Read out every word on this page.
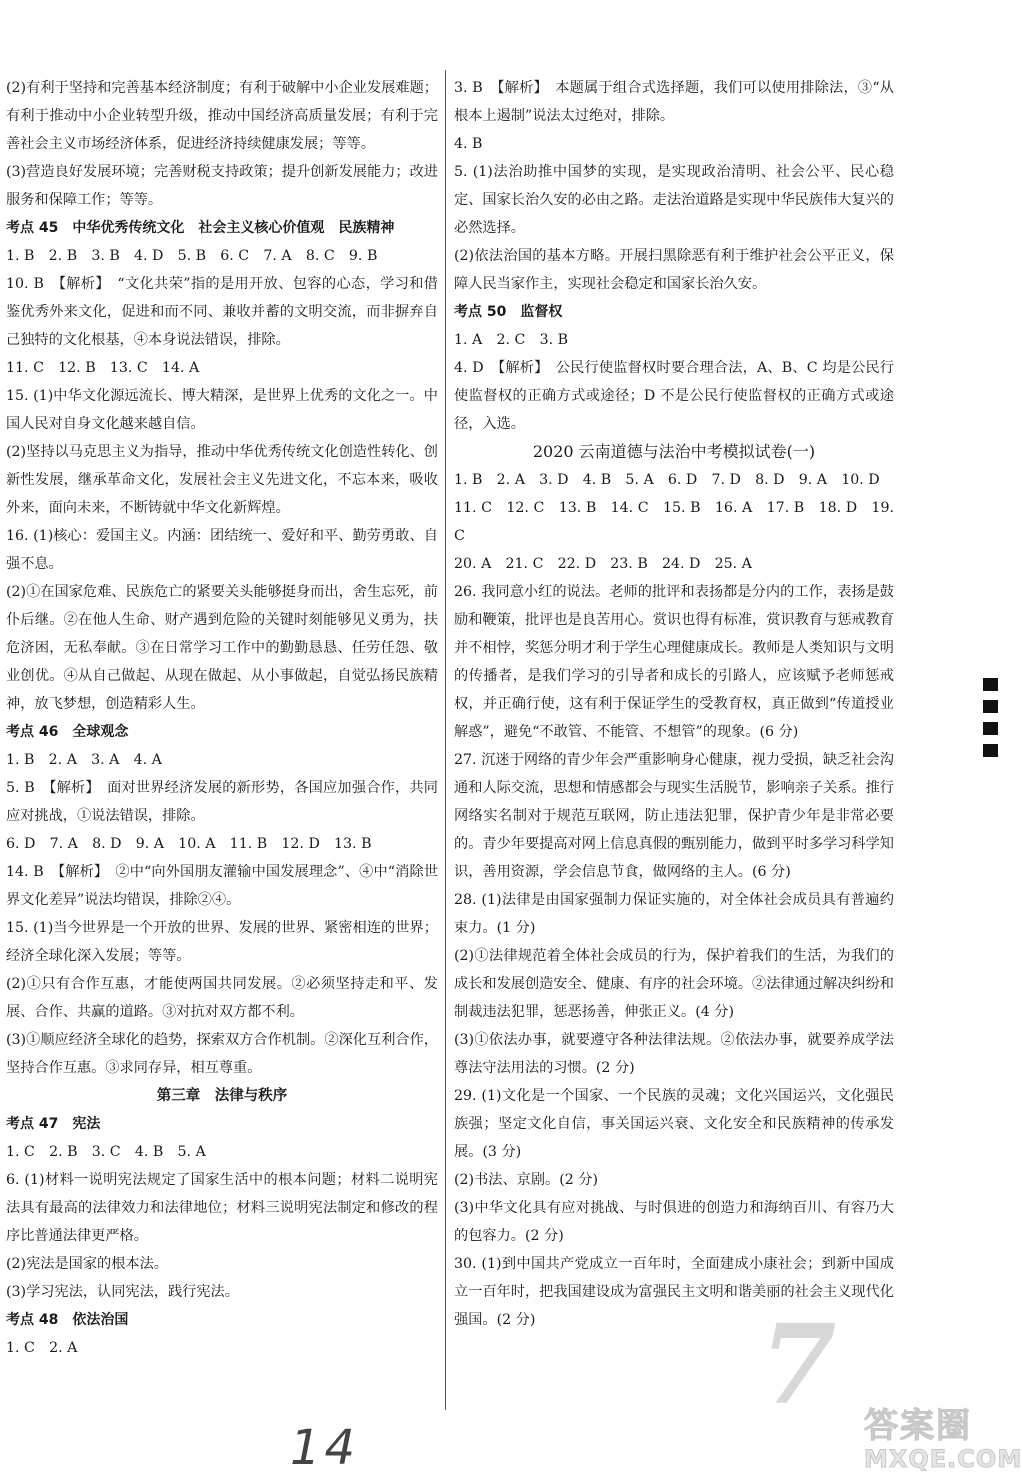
(2)有利于坚持和完善基本经济制度；有利于破解中小企业发展难题；有利于推动中小企业转型升级，推动中国经济高质量发展；有利于完善社会主义市场经济体系，促进经济持续健康发展；等等。

(3)营造良好发展环境；完善财税支持政策；提升创新发展能力；改进服务和保障工作；等等。

考点 45　中华优秀传统文化　社会主义核心价值观　民族精神

1. B　2. B　3. B　4. D　5. B　6. C　7. A　8. C　9. B

10. B　【解析】　“文化共荣”指的是用开放、包容的心态，学习和借鉴优秀外来文化，促进和而不同、兼收并蓄的文明交流，而非摒弃自己独特的文化根基，④本身说法错误，排除。

11. C　12. B　13. C　14. A

15. (1)中华文化源远流长、博大精深，是世界上优秀的文化之一。中国人民对自身文化越来越自信。

(2)坚持以马克思主义为指导，推动中华优秀传统文化创造性转化、创新性发展，继承革命文化，发展社会主义先进文化，不忘本来，吸收外来，面向未来，不断铸就中华文化新辉煌。

16. (1)核心：爱国主义。内涵：团结统一、爱好和平、勤劳勇敢、自强不息。

(2)①在国家危难、民族危亡的紧要关头能够挺身而出，舍生忘死，前仆后继。②在他人生命、财产遇到危险的关键时刻能够见义勇为，扶危济困，无私奉献。③在日常学习工作中的勤勤恳恳、任劳任怨、敬业创优。④从自己做起、从现在做起、从小事做起，自觉弘扬民族精神，放飞梦想，创造精彩人生。

考点 46　全球观念

1. B　2. A　3. A　4. A

5. B　【解析】　面对世界经济发展的新形势，各国应加强合作，共同应对挑战，①说法错误，排除。

6. D　7. A　8. D　9. A　10. A　11. B　12. D　13. B

14. B　【解析】　②中“向外国朋友灌输中国发展理念”、④中“消除世界文化差异”说法均错误，排除②④。

15. (1)当今世界是一个开放的世界、发展的世界、紧密相连的世界；经济全球化深入发展；等等。

(2)①只有合作互惠，才能使两国共同发展。②必须坚持走和平、发展、合作、共赢的道路。③对抗对双方都不利。

(3)①顺应经济全球化的趋势，探索双方合作机制。②深化互利合作，坚持合作互惠。③求同存异，相互尊重。

第三章　法律与秩序

考点 47　宪法

1. C　2. B　3. C　4. B　5. A

6. (1)材料一说明宪法规定了国家生活中的根本问题；材料二说明宪法具有最高的法律效力和法律地位；材料三说明宪法制定和修改的程序比普通法律更严格。

(2)宪法是国家的根本法。

(3)学习宪法，认同宪法，践行宪法。

考点 48　依法治国

1. C　2. A

3. B　【解析】　本题属于组合式选择题，我们可以使用排除法，③“从根本上遏制”说法太过绝对，排除。

4. B

5. (1)法治助推中国梦的实现，是实现政治清明、社会公平、民心稳定、国家长治久安的必由之路。走法治道路是实现中华民族伟大复兴的必然选择。

(2)依法治国的基本方略。开展扫黑除恶有利于维护社会公平正义，保障人民当家作主，实现社会稳定和国家长治久安。

考点 50　监督权

1. A　2. C　3. B

4. D　【解析】　公民行使监督权时要合理合法，A、B、C 均是公民行使监督权的正确方式或途径；D 不是公民行使监督权的正确方式或途径，入选。

2020 云南道德与法治中考模拟试卷(一)

1. B　2. A　3. D　4. B　5. A　6. D　7. D　8. D　9. A　10. D

11. C　12. C　13. B　14. C　15. B　16. A　17. B　18. D　19. C

20. A　21. C　22. D　23. B　24. D　25. A

26. 我同意小红的说法。老师的批评和表扬都是分内的工作，表扬是鼓励和鞭策，批评也是良苦用心。赏识也得有标准，赏识教育与惩戒教育并不相悖，奖惩分明才利于学生心理健康成长。教师是人类知识与文明的传播者，是我们学习的引导者和成长的引路人，应该赋予老师惩戒权，并正确行使，这有利于保证学生的受教育权，真正做到“传道授业解惑”，避免“不敢管、不能管、不想管”的现象。(6 分)

27. 沉迷于网络的青少年会严重影响身心健康，视力受损，缺乏社会沟通和人际交流，思想和情感都会与现实生活脱节，影响亲子关系。推行网络实名制对于规范互联网，防止违法犯罪，保护青少年是非常必要的。青少年要提高对网上信息真假的甄别能力，做到平时多学习科学知识，善用资源，学会信息节食，做网络的主人。(6 分)

28. (1)法律是由国家强制力保证实施的，对全体社会成员具有普遍约束力。(1 分)

(2)①法律规范着全体社会成员的行为，保护着我们的生活，为我们的成长和发展创造安全、健康、有序的社会环境。②法律通过解决纠纷和制裁违法犯罪，惩恶扬善，伸张正义。(4 分)

(3)①依法办事，就要遵守各种法律法规。②依法办事，就要养成学法尊法守法用法的习惯。(2 分)

29. (1)文化是一个国家、一个民族的灵魂；文化兴国运兴，文化强民族强；坚定文化自信，事关国运兴衰、文化安全和民族精神的传承发展。(3 分)

(2)书法、京剧。(2 分)

(3)中华文化具有应对挑战、与时俱进的创造力和海纳百川、有容乃大的包容力。(2 分)

30. (1)到中国共产党成立一百年时，全面建成小康社会；到新中国成立一百年时，把我国建设成为富强民主文明和谐美丽的社会主义现代化强国。(2 分)	7
14	答案圈
MXQE.COM
